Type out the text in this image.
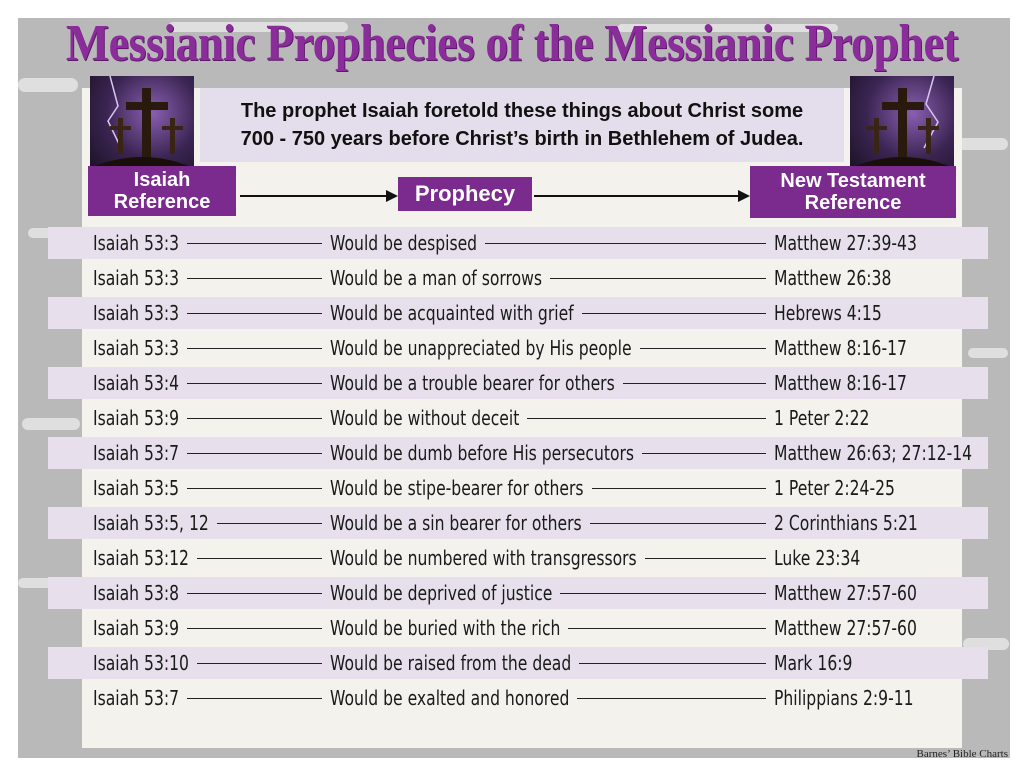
Messianic Prophecies of the Messianic Prophet
The prophet Isaiah foretold these things about Christ some
700 - 750 years before Christ’s birth in Bethlehem of Judea.
Isaiah
Reference	Prophecy	New Testament
Reference
Isaiah 53:3	Would be despised	Matthew 27:39-43
Isaiah 53:3	Would be a man of sorrows	Matthew 26:38
Isaiah 53:3	Would be acquainted with grief	Hebrews 4:15
Isaiah 53:3	Would be unappreciated by His people	Matthew 8:16-17
Isaiah 53:4	Would be a trouble bearer for others	Matthew 8:16-17
Isaiah 53:9	Would be without deceit	1 Peter 2:22
Isaiah 53:7	Would be dumb before His persecutors	Matthew 26:63; 27:12-14
Isaiah 53:5	Would be stipe-bearer for others	1 Peter 2:24-25
Isaiah 53:5, 12	Would be a sin bearer for others	2 Corinthians 5:21
Isaiah 53:12	Would be numbered with transgressors	Luke 23:34
Isaiah 53:8	Would be deprived of justice	Matthew 27:57-60
Isaiah 53:9	Would be buried with the rich	Matthew 27:57-60
Isaiah 53:10	Would be raised from the dead	Mark 16:9
Isaiah 53:7	Would be exalted and honored	Philippians 2:9-11
Barnes’ Bible Charts
